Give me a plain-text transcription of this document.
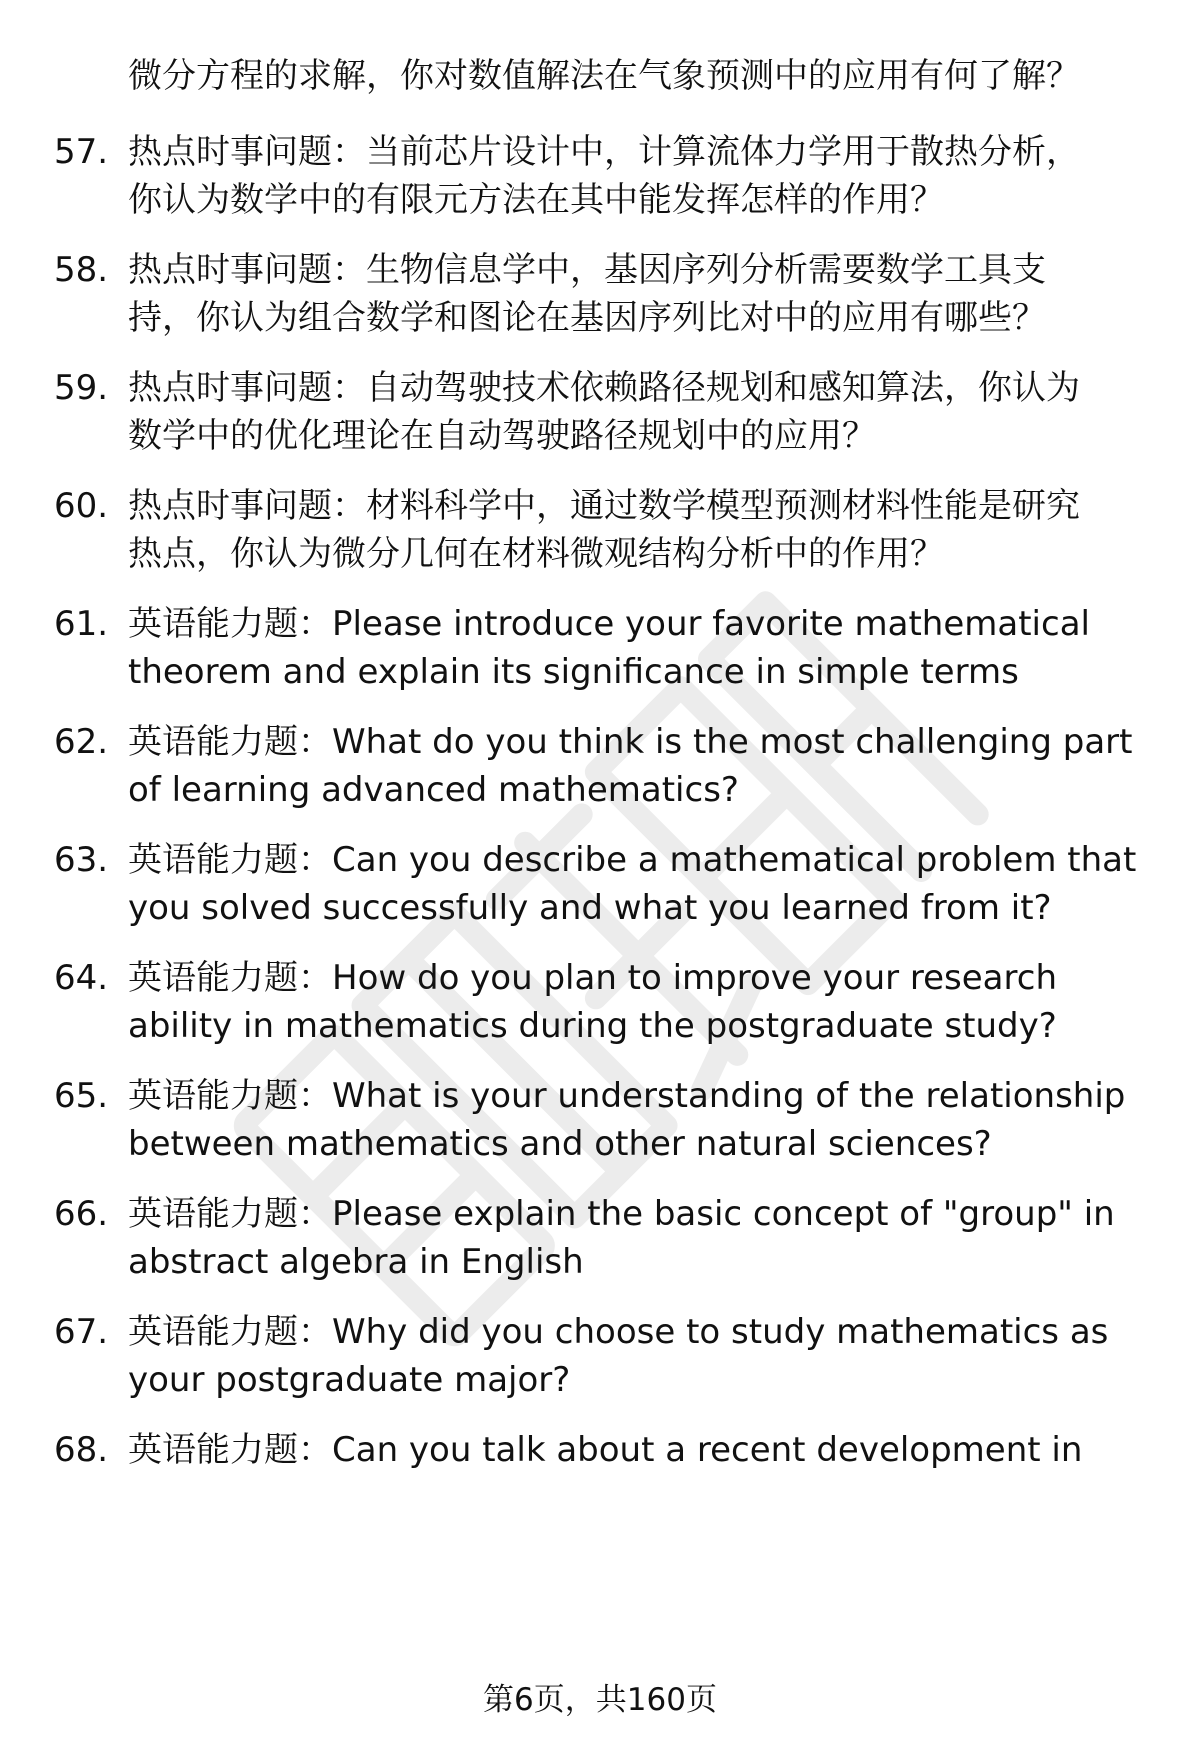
微分方程的求解，你对数值解法在气象预测中的应用有何了解？
57. 热点时事问题：当前芯片设计中，计算流体力学用于散热分析，
你认为数学中的有限元方法在其中能发挥怎样的作用？
58. 热点时事问题：生物信息学中，基因序列分析需要数学工具支
持，你认为组合数学和图论在基因序列比对中的应用有哪些？
59. 热点时事问题：自动驾驶技术依赖路径规划和感知算法，你认为
数学中的优化理论在自动驾驶路径规划中的应用？
60. 热点时事问题：材料科学中，通过数学模型预测材料性能是研究
热点，你认为微分几何在材料微观结构分析中的作用？
61. 英语能力题：Please introduce your favorite mathematical
theorem and explain its significance in simple terms
62. 英语能力题：What do you think is the most challenging part
of learning advanced mathematics?
63. 英语能力题：Can you describe a mathematical problem that
you solved successfully and what you learned from it?
64. 英语能力题：How do you plan to improve your research
ability in mathematics during the postgraduate study?
65. 英语能力题：What is your understanding of the relationship
between mathematics and other natural sciences?
66. 英语能力题：Please explain the basic concept of "group" in
abstract algebra in English
67. 英语能力题：Why did you choose to study mathematics as
your postgraduate major?
68. 英语能力题：Can you talk about a recent development in
第6页，共160页
